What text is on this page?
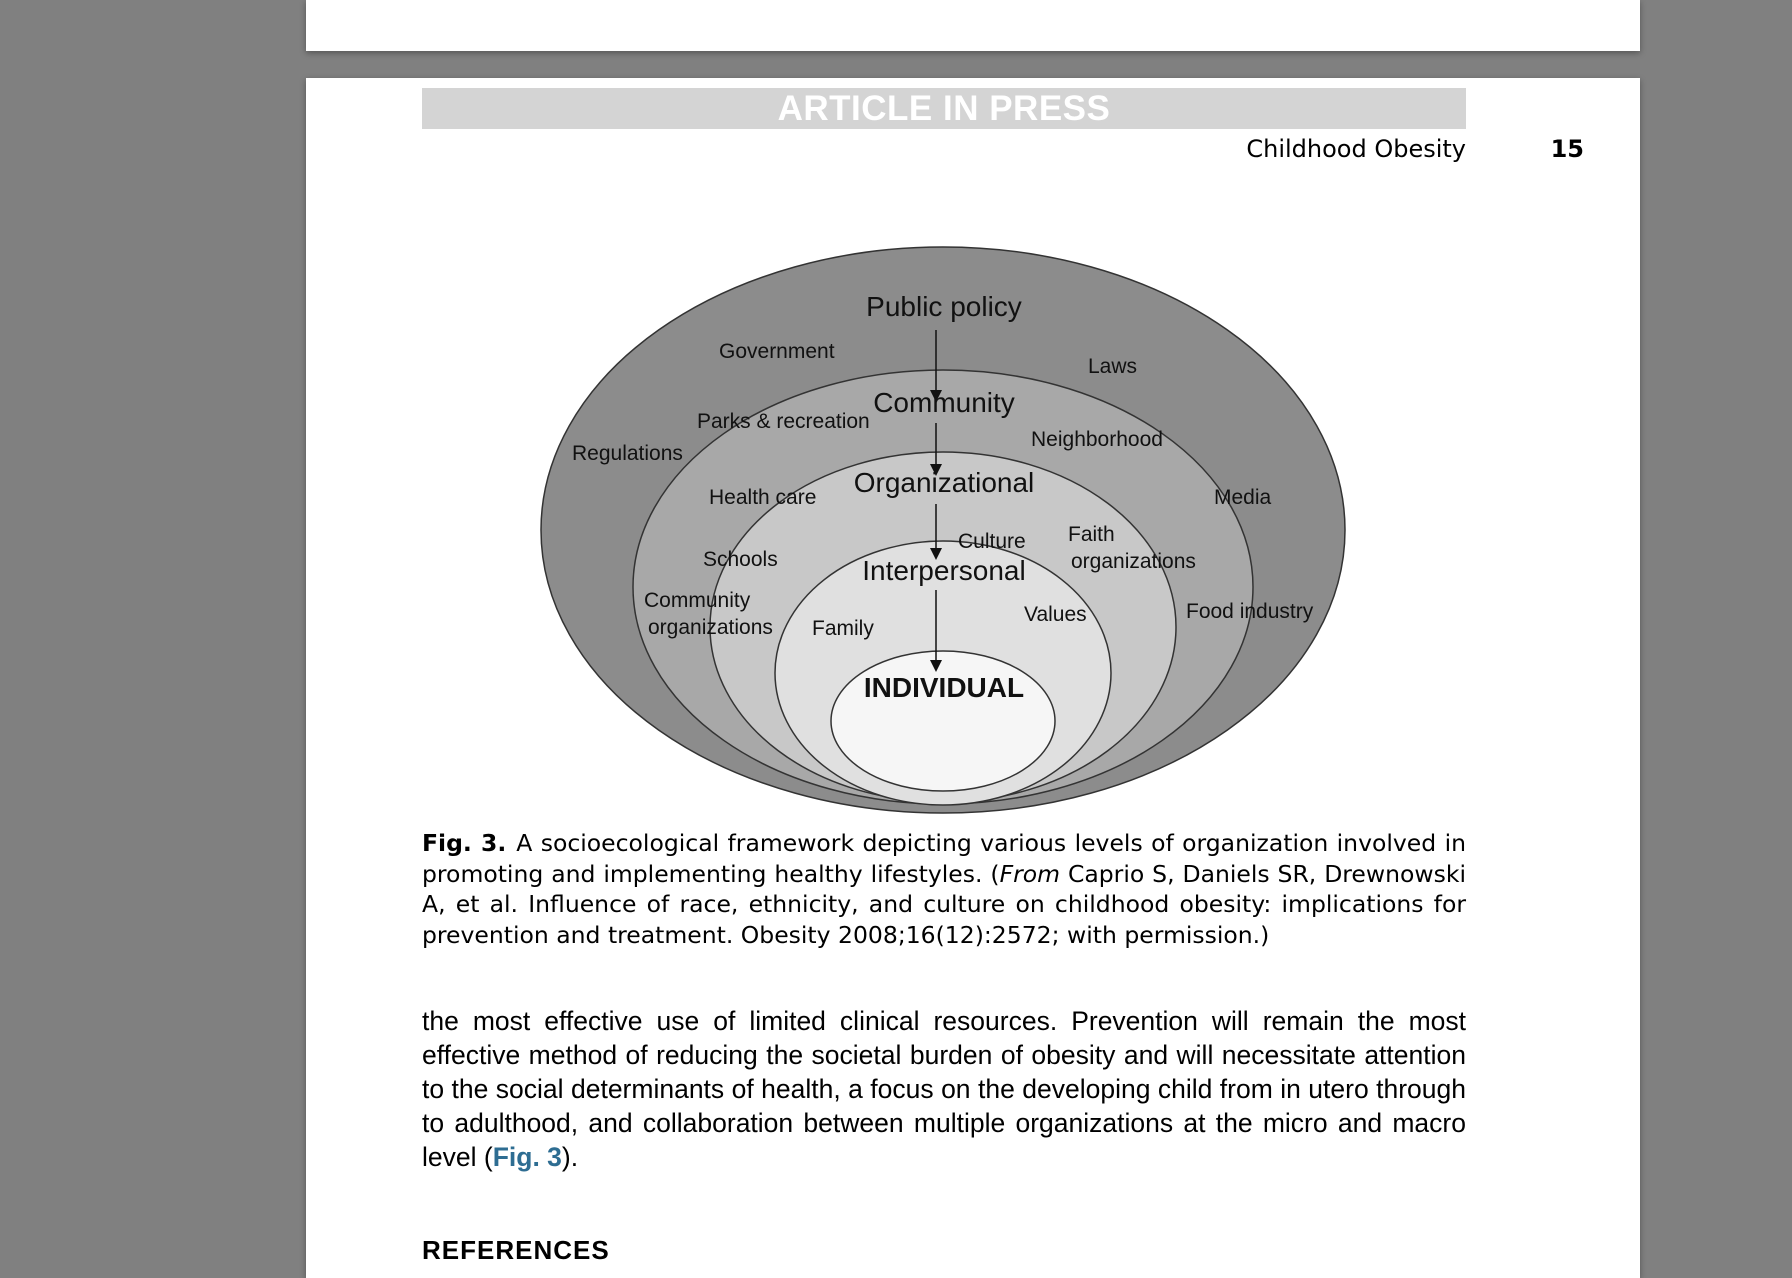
ARTICLE IN PRESS
Childhood Obesity	15
Public policy
Community
Organizational
Interpersonal
INDIVIDUAL
Government
Laws
Regulations
Media
Food industry
Parks & recreation
Neighborhood
Health care
Faith
organizations
Schools
Community
organizations
Culture
Values
Family
Fig. 3. A socioecological framework depicting various levels of organization involved in promoting and implementing healthy lifestyles. (From Caprio S, Daniels SR, Drewnowski A, et al. Influence of race, ethnicity, and culture on childhood obesity: implications for prevention and treatment. Obesity 2008;16(12):2572; with permission.)
the most effective use of limited clinical resources. Prevention will remain the most effective method of reducing the societal burden of obesity and will necessitate attention to the social determinants of health, a focus on the developing child from in utero through to adulthood, and collaboration between multiple organizations at the micro and macro level (Fig. 3).
REFERENCES
